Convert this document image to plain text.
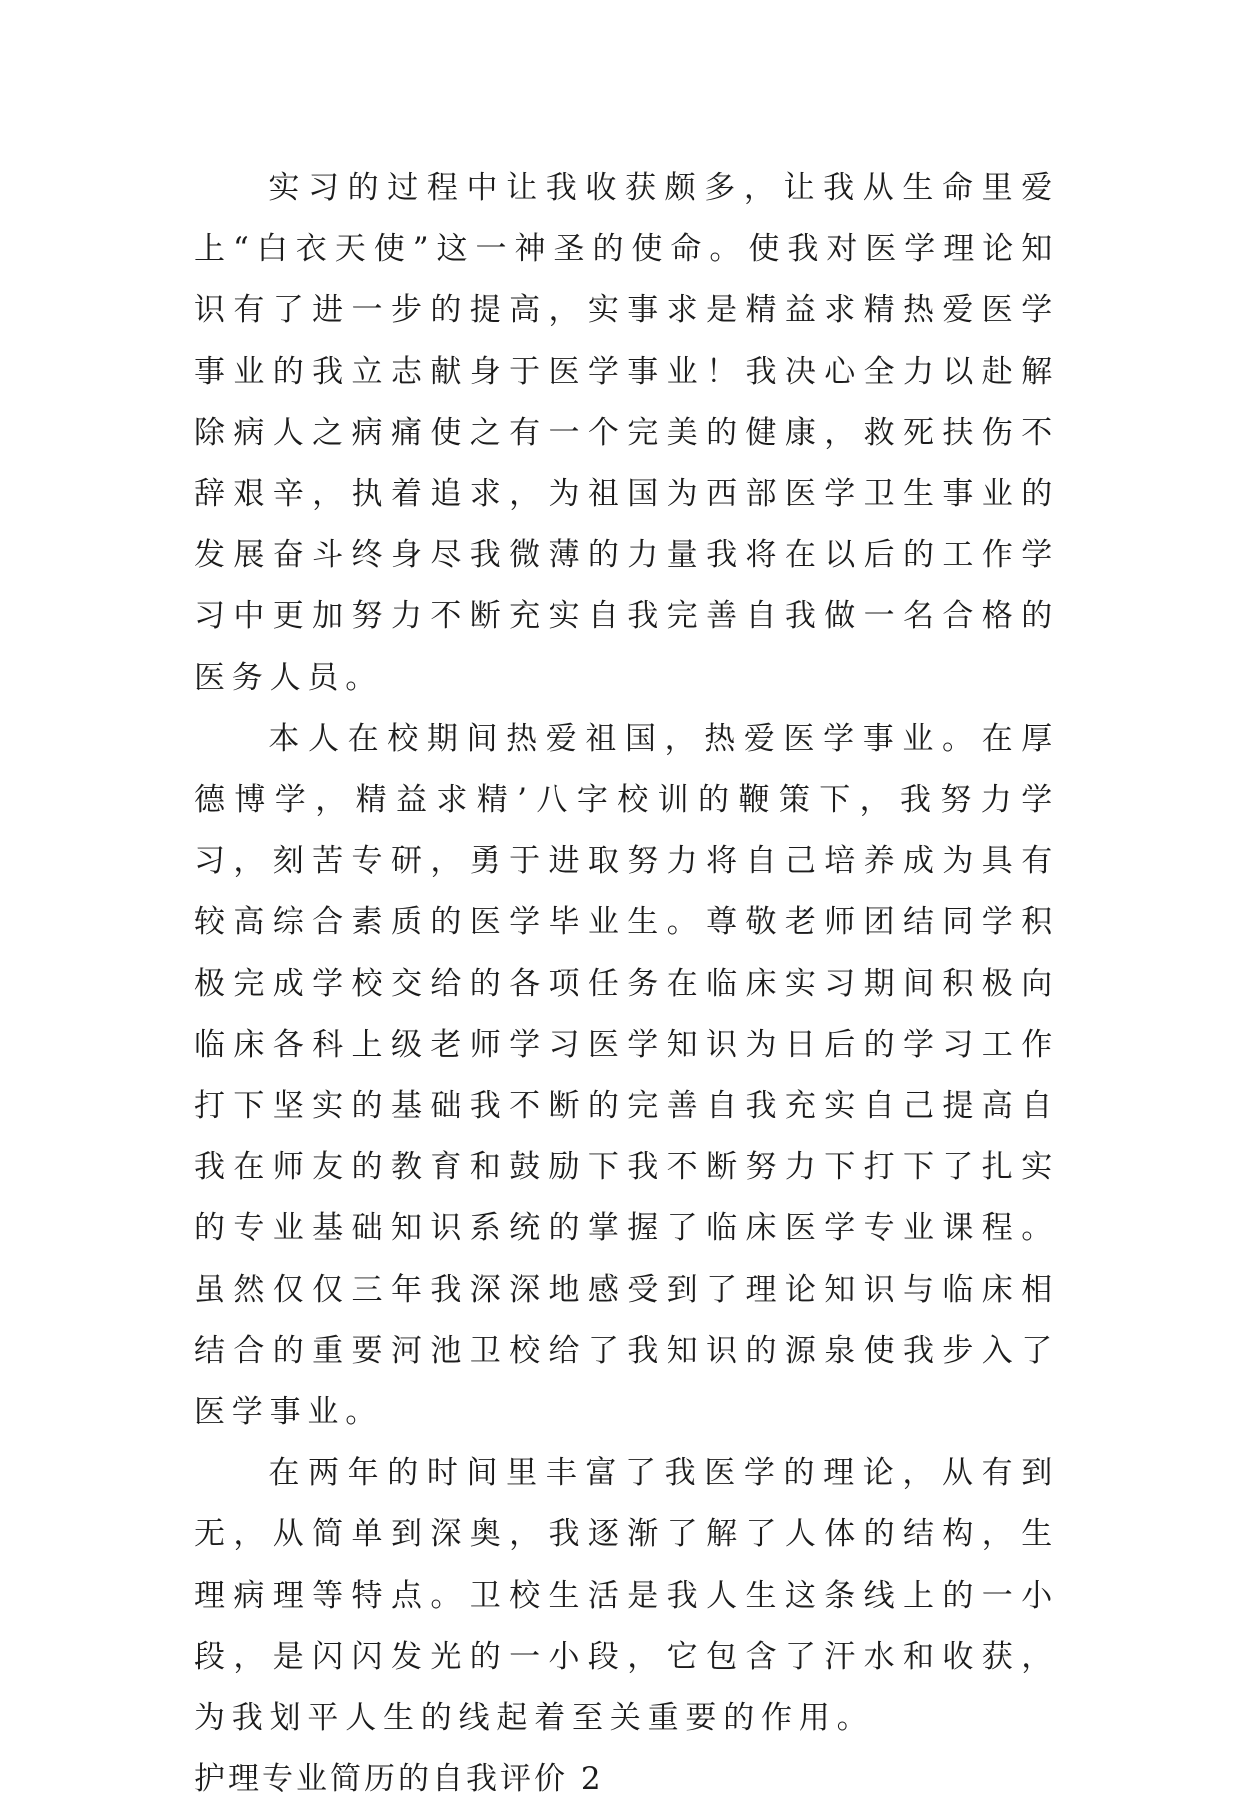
实习的过程中让我收获颇多，让我从生命里爱上“白衣天使”这一神圣的使命。使我对医学理论知识有了进一步的提高，实事求是精益求精热爱医学事业的我立志献身于医学事业！我决心全力以赴解除病人之病痛使之有一个完美的健康，救死扶伤不辞艰辛，执着追求，为祖国为西部医学卫生事业的发展奋斗终身尽我微薄的力量我将在以后的工作学习中更加努力不断充实自我完善自我做一名合格的医务人员。

本人在校期间热爱祖国，热爱医学事业。在厚德博学，精益求精’八字校训的鞭策下，我努力学习，刻苦专研，勇于进取努力将自己培养成为具有较高综合素质的医学毕业生。尊敬老师团结同学积极完成学校交给的各项任务在临床实习期间积极向临床各科上级老师学习医学知识为日后的学习工作打下坚实的基础我不断的完善自我充实自己提高自我在师友的教育和鼓励下我不断努力下打下了扎实的专业基础知识系统的掌握了临床医学专业课程。虽然仅仅三年我深深地感受到了理论知识与临床相结合的重要河池卫校给了我知识的源泉使我步入了医学事业。

在两年的时间里丰富了我医学的理论，从有到无，从简单到深奥，我逐渐了解了人体的结构，生理病理等特点。卫校生活是我人生这条线上的一小段，是闪闪发光的一小段，它包含了汗水和收获，为我划平人生的线起着至关重要的作用。

护理专业简历的自我评价 2
